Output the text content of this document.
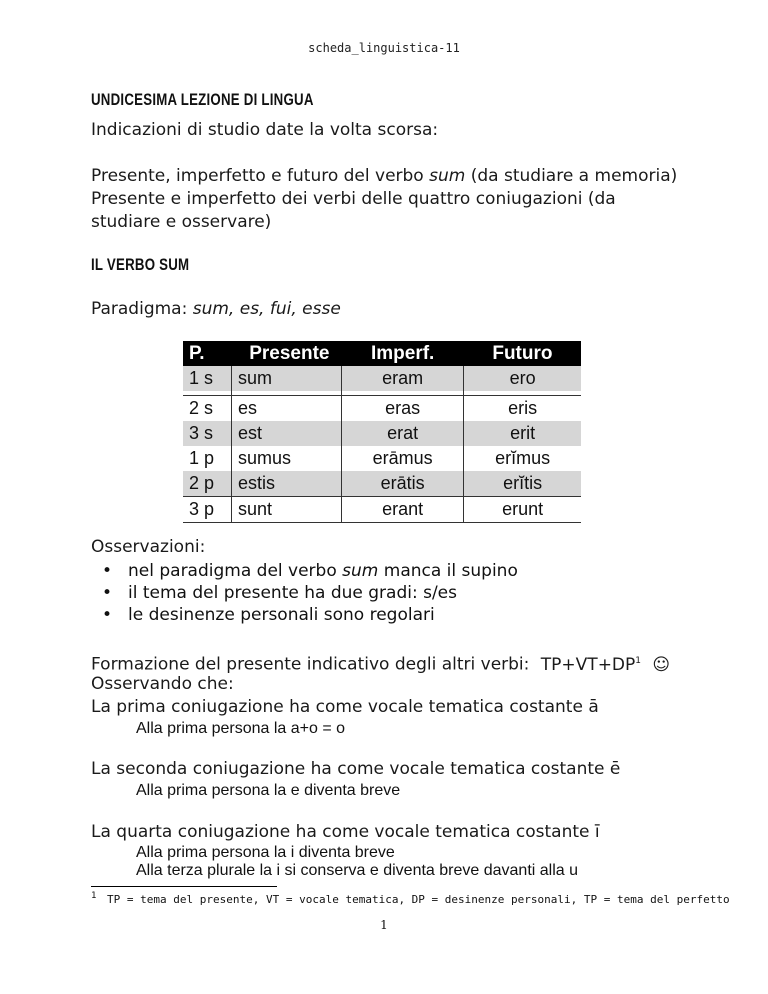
scheda_linguistica-11
UNDICESIMA LEZIONE DI LINGUA
Indicazioni di studio date la volta scorsa:
Presente, imperfetto e futuro del verbo sum (da studiare a memoria)
Presente e imperfetto dei verbi delle quattro coniugazioni (da
studiare e osservare)
IL VERBO SUM
Paradigma: sum, es, fui, esse
P.	Presente	Imperf.	Futuro
1 s	sum	eram	ero

2 s	es	eras	eris
3 s	est	erat	erit
1 p	sumus	erāmus	erĭmus
2 p	estis	erātis	erĭtis
3 p	sunt	erant	erunt
Osservazioni:
• nel paradigma del verbo sum manca il supino
• il tema del presente ha due gradi: s/es
• le desinenze personali sono regolari
Formazione del presente indicativo degli altri verbi: $TP+VT+DP^1$ ☺
Osservando che:
La prima coniugazione ha come vocale tematica costante ā
Alla prima persona la a+o = o
La seconda coniugazione ha come vocale tematica costante ē
Alla prima persona la e diventa breve
La quarta coniugazione ha come vocale tematica costante ī
Alla prima persona la i diventa breve
Alla terza plurale la i si conserva e diventa breve davanti alla u
$^1$ TP = tema del presente, VT = vocale tematica, DP = desinenze personali, TP = tema del perfetto
1
